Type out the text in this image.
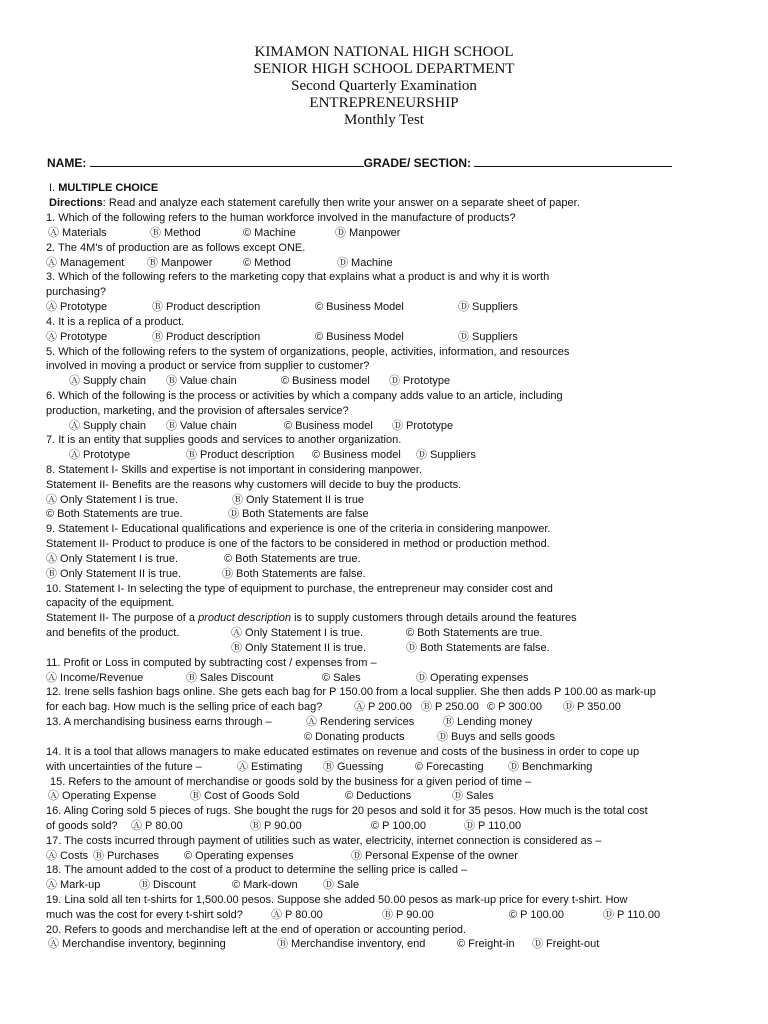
KIMAMON NATIONAL HIGH SCHOOL
SENIOR HIGH SCHOOL DEPARTMENT
Second Quarterly Examination
ENTREPRENEURSHIP
Monthly Test
NAME:	GRADE/ SECTION:
I. MULTIPLE CHOICE
Directions: Read and analyze each statement carefully then write your answer on a separate sheet of paper.
1. Which of the following refers to the human workforce involved in the manufacture of products?
Ⓐ Materials	Ⓑ Method	© Machine	Ⓓ Manpower
2. The 4M's of production are as follows except ONE.
Ⓐ Management Ⓑ Manpower	© Method	Ⓓ Machine
3. Which of the following refers to the marketing copy that explains what a product is and why it is worth
purchasing?
Ⓐ Prototype	Ⓑ Product description	© Business Model	Ⓓ Suppliers
4. It is a replica of a product.
Ⓐ Prototype	Ⓑ Product description	© Business Model	Ⓓ Suppliers
5. Which of the following refers to the system of organizations, people, activities, information, and resources
involved in moving a product or service from supplier to customer?
Ⓐ Supply chain Ⓑ Value chain	© Business model Ⓓ Prototype
6. Which of the following is the process or activities by which a company adds value to an article, including
production, marketing, and the provision of aftersales service?
Ⓐ Supply chain Ⓑ Value chain	© Business model Ⓓ Prototype
7. It is an entity that supplies goods and services to another organization.
Ⓐ Prototype	Ⓑ Product description © Business model Ⓓ Suppliers
8. Statement I- Skills and expertise is not important in considering manpower.
Statement II- Benefits are the reasons why customers will decide to buy the products.
Ⓐ Only Statement I is true.	Ⓑ Only Statement II is true
© Both Statements are true.	Ⓓ Both Statements are false
9. Statement I- Educational qualifications and experience is one of the criteria in considering manpower.
Statement II- Product to produce is one of the factors to be considered in method or production method.
Ⓐ Only Statement I is true.	© Both Statements are true.
Ⓑ Only Statement II is true.	Ⓓ Both Statements are false.
10. Statement I- In selecting the type of equipment to purchase, the entrepreneur may consider cost and
capacity of the equipment.
Statement II- The purpose of a product description is to supply customers through details around the features
and benefits of the product.	Ⓐ Only Statement I is true.	© Both Statements are true.
Ⓑ Only Statement II is true.	Ⓓ Both Statements are false.
11. Profit or Loss in computed by subtracting cost / expenses from –
Ⓐ Income/Revenue	Ⓑ Sales Discount	© Sales	Ⓓ Operating expenses
12. Irene sells fashion bags online. She gets each bag for P 150.00 from a local supplier. She then adds P 100.00 as mark-up
for each bag. How much is the selling price of each bag?	Ⓐ P 200.00 Ⓑ P 250.00 © P 300.00 Ⓓ P 350.00
13. A merchandising business earns through –	Ⓐ Rendering services	Ⓑ Lending money
© Donating products	Ⓓ Buys and sells goods
14. It is a tool that allows managers to make educated estimates on revenue and costs of the business in order to cope up
with uncertainties of the future –	Ⓐ Estimating Ⓑ Guessing	© Forecasting Ⓓ Benchmarking
15. Refers to the amount of merchandise or goods sold by the business for a given period of time –
Ⓐ Operating Expense	Ⓑ Cost of Goods Sold	© Deductions	Ⓓ Sales
16. Aling Coring sold 5 pieces of rugs. She bought the rugs for 20 pesos and sold it for 35 pesos. How much is the total cost
of goods sold? Ⓐ P 80.00	Ⓑ P 90.00	© P 100.00	Ⓓ P 110.00
17. The costs incurred through payment of utilities such as water, electricity, internet connection is considered as –
Ⓐ Costs Ⓑ Purchases © Operating expenses	Ⓓ Personal Expense of the owner
18. The amount added to the cost of a product to determine the selling price is called –
Ⓐ Mark-up	Ⓑ Discount	© Mark-down Ⓓ Sale
19. Lina sold all ten t-shirts for 1,500.00 pesos. Suppose she added 50.00 pesos as mark-up price for every t-shirt. How
much was the cost for every t-shirt sold?	Ⓐ P 80.00	Ⓑ P 90.00	© P 100.00	Ⓓ P 110.00
20. Refers to goods and merchandise left at the end of operation or accounting period.
Ⓐ Merchandise inventory, beginning	Ⓑ Merchandise inventory, end	© Freight-in Ⓓ Freight-out
